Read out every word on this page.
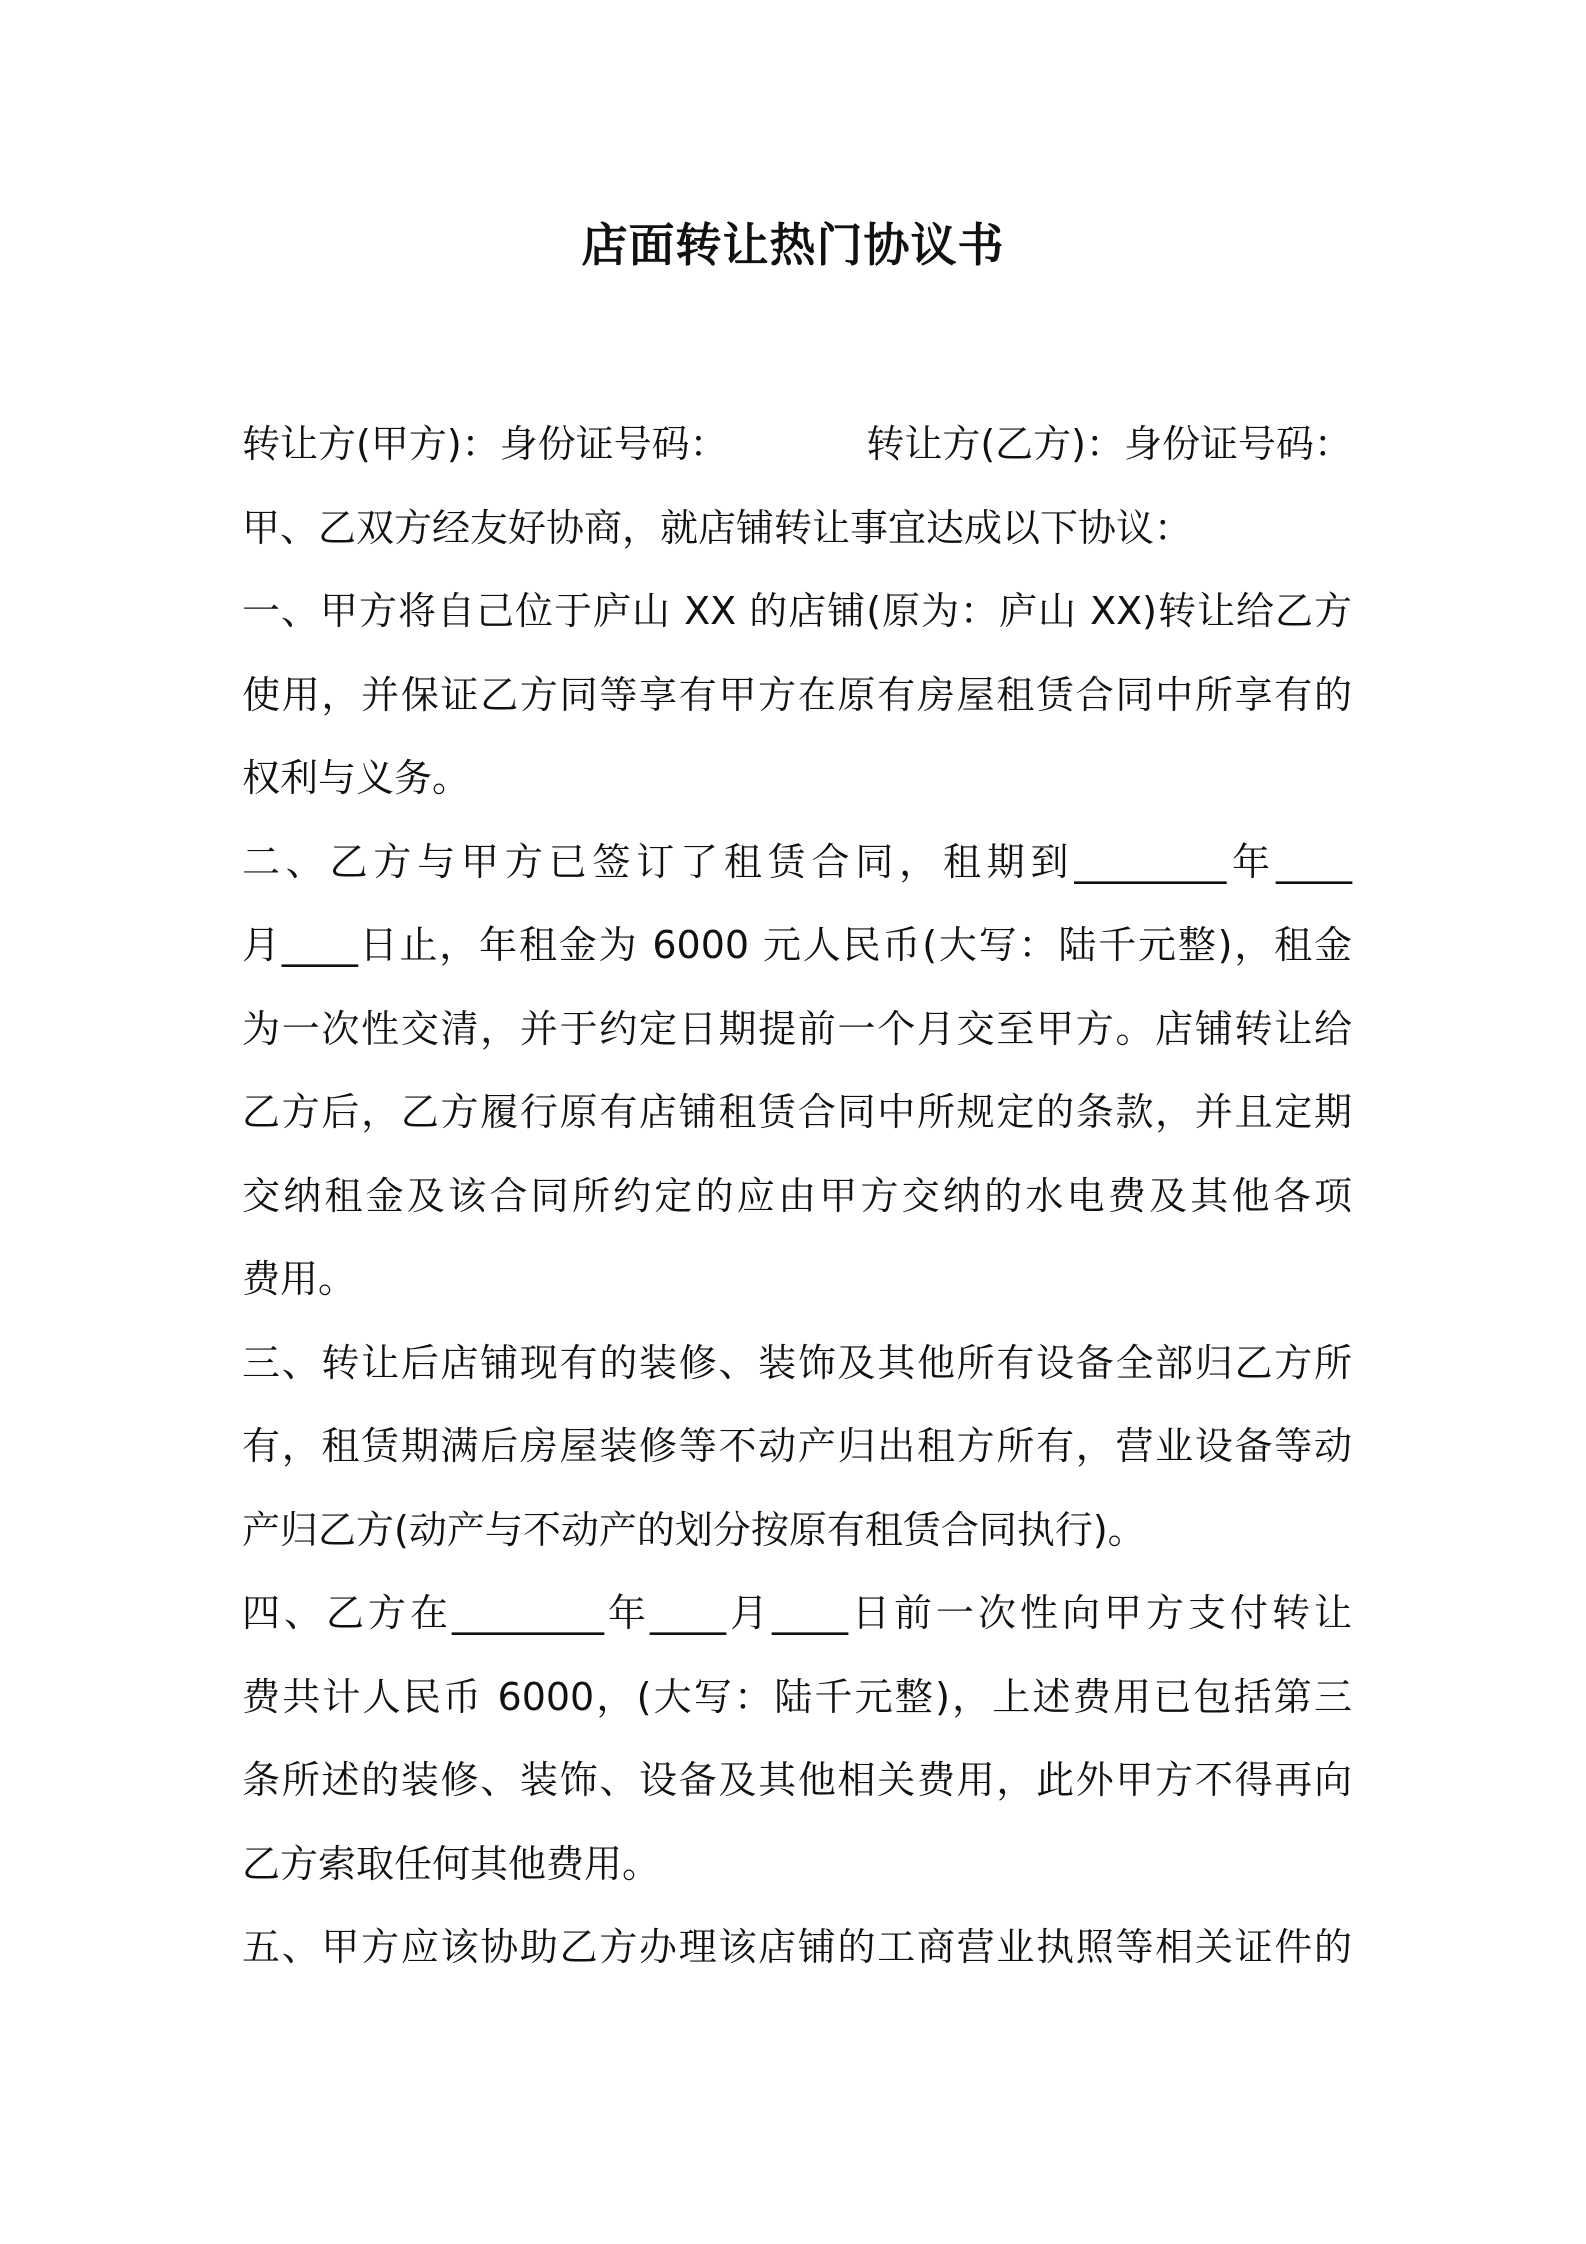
店面转让热门协议书
转让方(甲方)：身份证号码：	转让方(乙方)：身份证号码：
甲、乙双方经友好协商，就店铺转让事宜达成以下协议：
一、甲方将自己位于庐山 XX 的店铺(原为：庐山 XX)转让给乙方
使用，并保证乙方同等享有甲方在原有房屋租赁合同中所享有的
权利与义务。
二、乙方与甲方已签订了租赁合同，租期到________年____
月____日止，年租金为 6000 元人民币(大写：陆千元整)，租金
为一次性交清，并于约定日期提前一个月交至甲方。店铺转让给
乙方后，乙方履行原有店铺租赁合同中所规定的条款，并且定期
交纳租金及该合同所约定的应由甲方交纳的水电费及其他各项
费用。
三、转让后店铺现有的装修、装饰及其他所有设备全部归乙方所
有，租赁期满后房屋装修等不动产归出租方所有，营业设备等动
产归乙方(动产与不动产的划分按原有租赁合同执行)。
四、乙方在________年____月____日前一次性向甲方支付转让
费共计人民币 6000，(大写：陆千元整)，上述费用已包括第三
条所述的装修、装饰、设备及其他相关费用，此外甲方不得再向
乙方索取任何其他费用。
五、甲方应该协助乙方办理该店铺的工商营业执照等相关证件的
